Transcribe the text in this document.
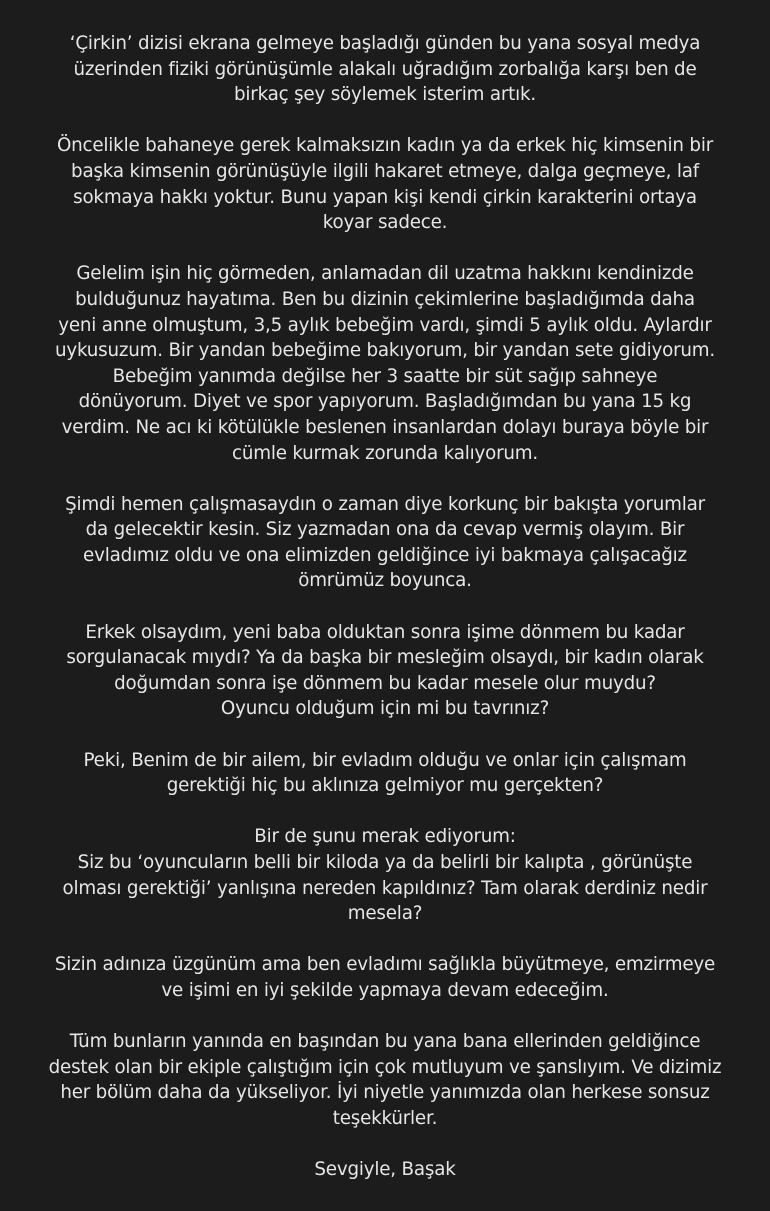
‘Çirkin’ dizisi ekrana gelmeye başladığı günden bu yana sosyal medya
üzerinden fiziki görünüşümle alakalı uğradığım zorbalığa karşı ben de
birkaç şey söylemek isterim artık.

Öncelikle bahaneye gerek kalmaksızın kadın ya da erkek hiç kimsenin bir
başka kimsenin görünüşüyle ilgili hakaret etmeye, dalga geçmeye, laf
sokmaya hakkı yoktur. Bunu yapan kişi kendi çirkin karakterini ortaya
koyar sadece.

Gelelim işin hiç görmeden, anlamadan dil uzatma hakkını kendinizde
bulduğunuz hayatıma. Ben bu dizinin çekimlerine başladığımda daha
yeni anne olmuştum, 3,5 aylık bebeğim vardı, şimdi 5 aylık oldu. Aylardır
uykusuzum. Bir yandan bebeğime bakıyorum, bir yandan sete gidiyorum.
Bebeğim yanımda değilse her 3 saatte bir süt sağıp sahneye
dönüyorum. Diyet ve spor yapıyorum. Başladığımdan bu yana 15 kg
verdim. Ne acı ki kötülükle beslenen insanlardan dolayı buraya böyle bir
cümle kurmak zorunda kalıyorum.

Şimdi hemen çalışmasaydın o zaman diye korkunç bir bakışta yorumlar
da gelecektir kesin. Siz yazmadan ona da cevap vermiş olayım. Bir
evladımız oldu ve ona elimizden geldiğince iyi bakmaya çalışacağız
ömrümüz boyunca.

Erkek olsaydım, yeni baba olduktan sonra işime dönmem bu kadar
sorgulanacak mıydı? Ya da başka bir mesleğim olsaydı, bir kadın olarak
doğumdan sonra işe dönmem bu kadar mesele olur muydu?
Oyuncu olduğum için mi bu tavrınız?

Peki, Benim de bir ailem, bir evladım olduğu ve onlar için çalışmam
gerektiği hiç bu aklınıza gelmiyor mu gerçekten?

Bir de şunu merak ediyorum:
Siz bu ‘oyuncuların belli bir kiloda ya da belirli bir kalıpta , görünüşte
olması gerektiği’ yanlışına nereden kapıldınız? Tam olarak derdiniz nedir
mesela?

Sizin adınıza üzgünüm ama ben evladımı sağlıkla büyütmeye, emzirmeye
ve işimi en iyi şekilde yapmaya devam edeceğim.

Tüm bunların yanında en başından bu yana bana ellerinden geldiğince
destek olan bir ekiple çalıştığım için çok mutluyum ve şanslıyım. Ve dizimiz
her bölüm daha da yükseliyor. İyi niyetle yanımızda olan herkese sonsuz
teşekkürler.

Sevgiyle, Başak
